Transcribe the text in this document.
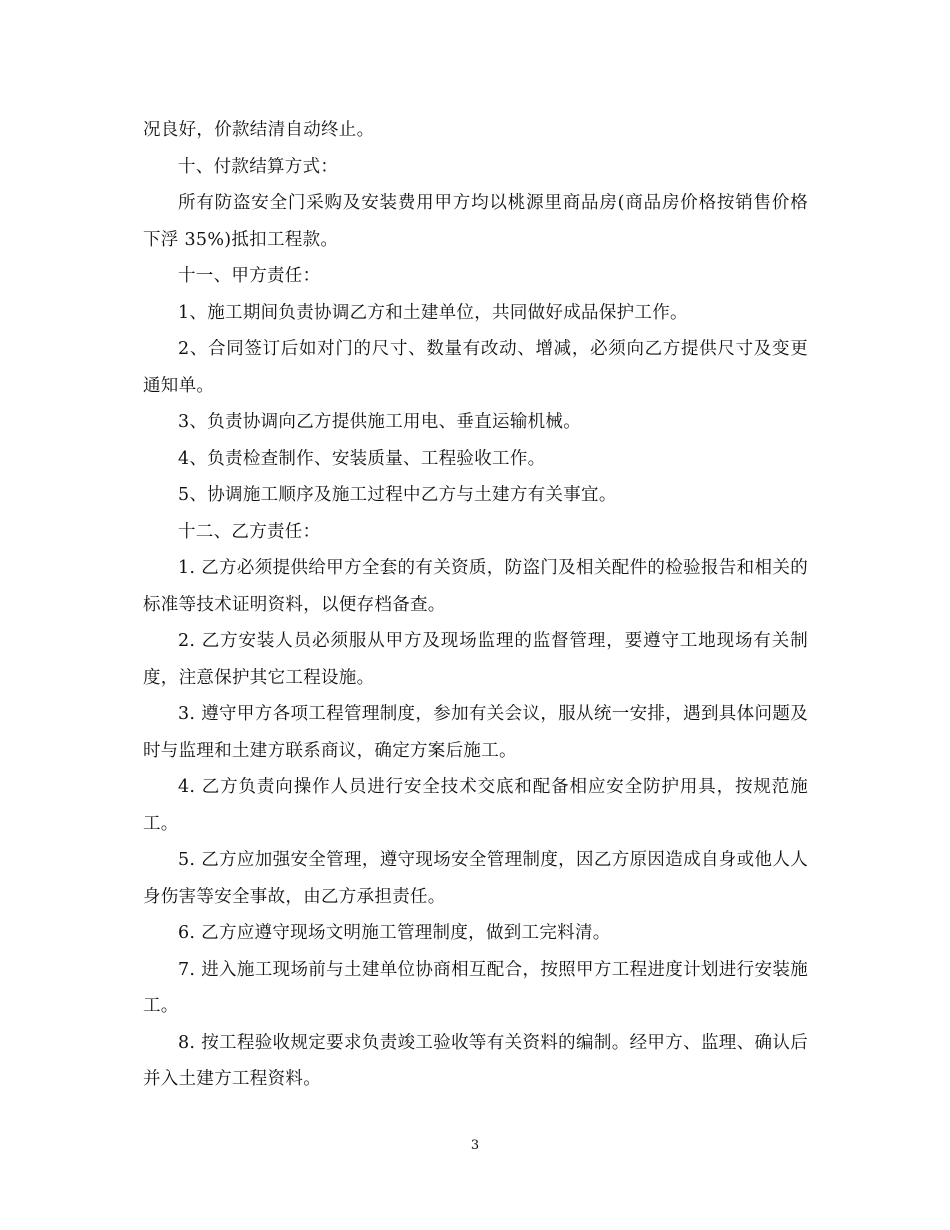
况良好，价款结清自动终止。

十、付款结算方式：

所有防盗安全门采购及安装费用甲方均以桃源里商品房(商品房价格按销售价格下浮 35%)抵扣工程款。

十一、甲方责任：

1、施工期间负责协调乙方和土建单位，共同做好成品保护工作。

2、合同签订后如对门的尺寸、数量有改动、增减，必须向乙方提供尺寸及变更通知单。

3、负责协调向乙方提供施工用电、垂直运输机械。

4、负责检查制作、安装质量、工程验收工作。

5、协调施工顺序及施工过程中乙方与土建方有关事宜。

十二、乙方责任：

1. 乙方必须提供给甲方全套的有关资质，防盗门及相关配件的检验报告和相关的标准等技术证明资料，以便存档备查。

2. 乙方安装人员必须服从甲方及现场监理的监督管理，要遵守工地现场有关制度，注意保护其它工程设施。

3. 遵守甲方各项工程管理制度，参加有关会议，服从统一安排，遇到具体问题及时与监理和土建方联系商议，确定方案后施工。

4. 乙方负责向操作人员进行安全技术交底和配备相应安全防护用具，按规范施工。

5. 乙方应加强安全管理，遵守现场安全管理制度，因乙方原因造成自身或他人人身伤害等安全事故，由乙方承担责任。

6. 乙方应遵守现场文明施工管理制度，做到工完料清。

7. 进入施工现场前与土建单位协商相互配合，按照甲方工程进度计划进行安装施工。

8. 按工程验收规定要求负责竣工验收等有关资料的编制。经甲方、监理、确认后并入土建方工程资料。

3
